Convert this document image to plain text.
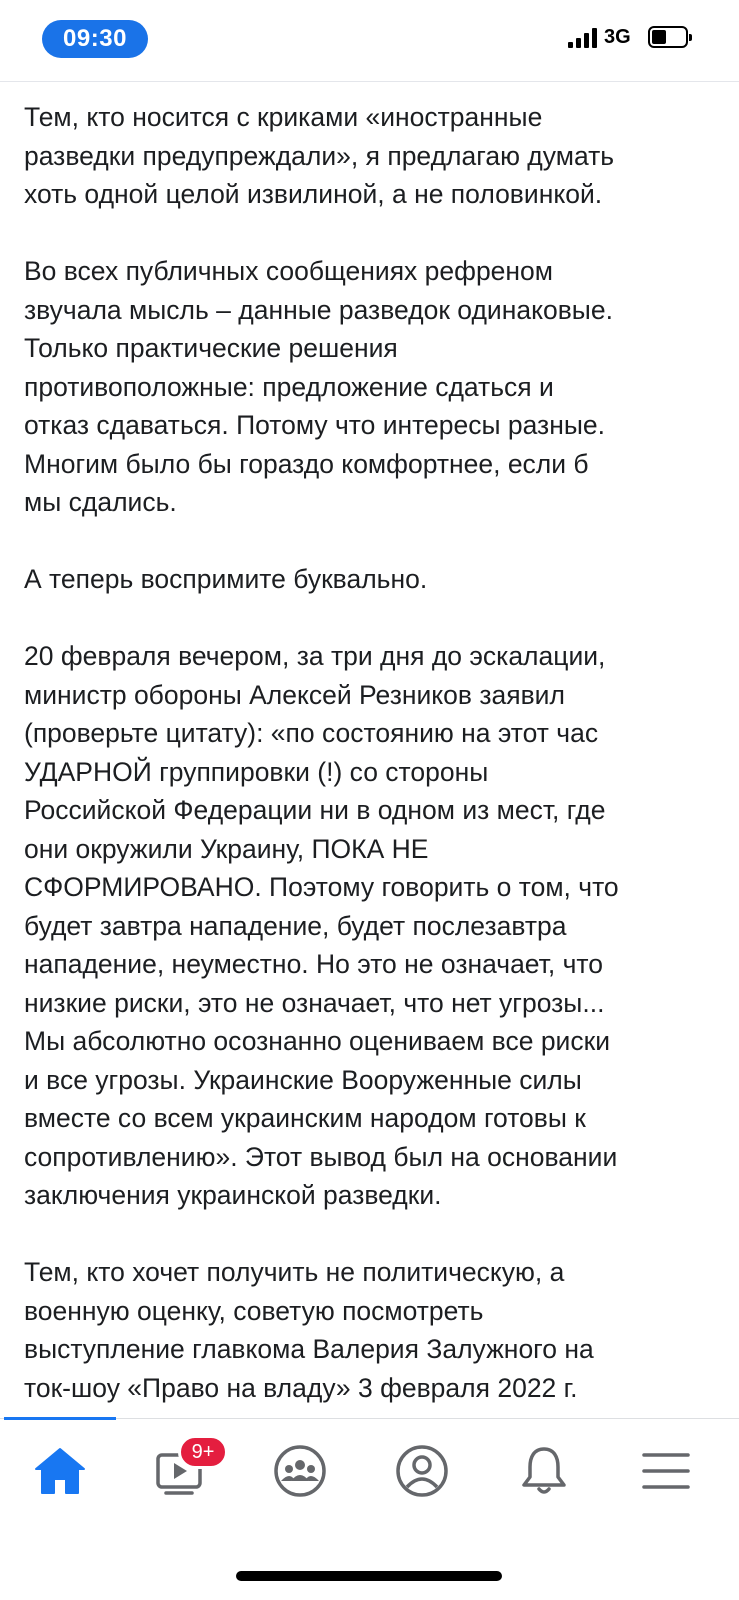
09:30	3G

Тем, кто носится с криками «иностранные
разведки предупреждали», я предлагаю думать
хоть одной целой извилиной, а не половинкой.

Во всех публичных сообщениях рефреном
звучала мысль – данные разведок одинаковые.
Только практические решения
противоположные: предложение сдаться и
отказ сдаваться. Потому что интересы разные.
Многим было бы гораздо комфортнее, если б
мы сдались.

А теперь воспримите буквально.

20 февраля вечером, за три дня до эскалации,
министр обороны Алексей Резников заявил
(проверьте цитату): «по состоянию на этот час
УДАРНОЙ группировки (!) со стороны
Российской Федерации ни в одном из мест, где
они окружили Украину, ПОКА НЕ
СФОРМИРОВАНО. Поэтому говорить о том, что
будет завтра нападение, будет послезавтра
нападение, неуместно. Но это не означает, что
низкие риски, это не означает, что нет угрозы...
Мы абсолютно осознанно оцениваем все риски
и все угрозы. Украинские Вооруженные силы
вместе со всем украинским народом готовы к
сопротивлению». Этот вывод был на основании
заключения украинской разведки.

Тем, кто хочет получить не политическую, а
военную оценку, советую посмотреть
выступление главкома Валерия Залужного на
ток-шоу «Право на владу» 3 февраля 2022 г.

9+
